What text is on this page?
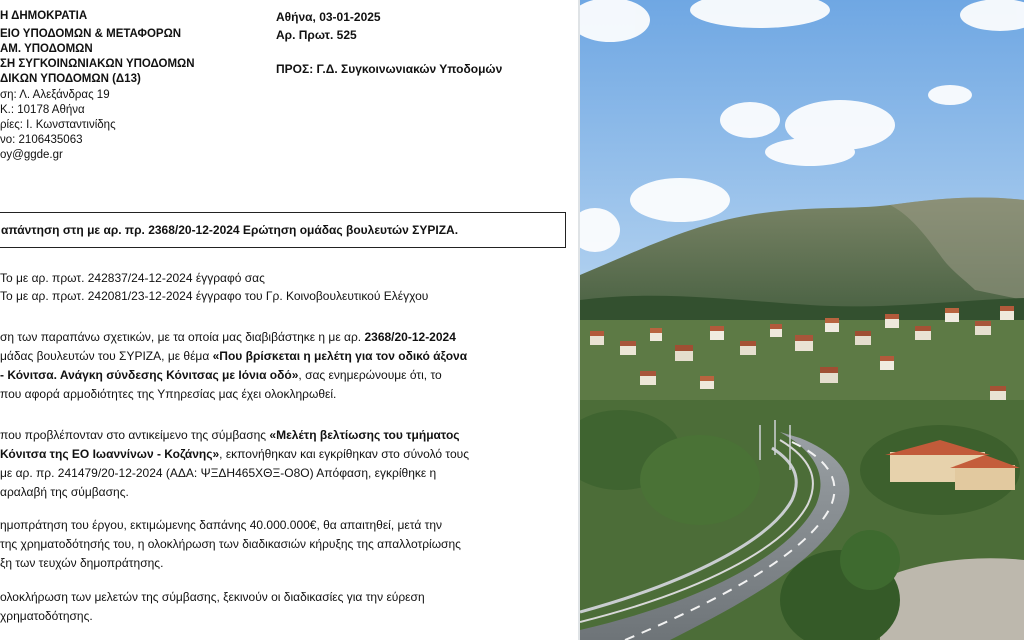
Η ΔΗΜΟΚΡΑΤΙΑ
ΕΙΟ ΥΠΟΔΟΜΩΝ & ΜΕΤΑΦΟΡΩΝ
ΑΜ. ΥΠΟΔΟΜΩΝ
ΣΗ ΣΥΓΚΟΙΝΩΝΙΑΚΩΝ ΥΠΟΔΟΜΩΝ
ΔΙΚΩΝ ΥΠΟΔΟΜΩΝ (Δ13)
ση: Λ. Αλεξάνδρας 19
Κ.: 10178 Αθήνα
ρίες: Ι. Κωνσταντινίδης
νο: 2106435063
oy@ggde.gr
Αθήνα, 03-01-2025
Αρ. Πρωτ. 525
ΠΡΟΣ: Γ.Δ. Συγκοινωνιακών Υποδομών
απάντηση στη με αρ. πρ. 2368/20-12-2024 Ερώτηση ομάδας βουλευτών ΣΥΡΙΖΑ.
Το με αρ. πρωτ. 242837/24-12-2024 έγγραφό σας
Το με αρ. πρωτ. 242081/23-12-2024 έγγραφο του Γρ. Κοινοβουλευτικού Ελέγχου
ση των παραπάνω σχετικών, με τα οποία μας διαβιβάστηκε η με αρ. 2368/20-12-2024
μάδας βουλευτών του ΣΥΡΙΖΑ, με θέμα «Που βρίσκεται η μελέτη για τον οδικό άξονα
- Κόνιτσα. Ανάγκη σύνδεσης Κόνιτσας με Ιόνια οδό», σας ενημερώνουμε ότι, το
που αφορά αρμοδιότητες της Υπηρεσίας μας έχει ολοκληρωθεί.
που προβλέπονταν στο αντικείμενο της σύμβασης «Μελέτη βελτίωσης του τμήματος
Κόνιτσα της ΕΟ Ιωαννίνων - Κοζάνης», εκπονήθηκαν και εγκρίθηκαν στο σύνολό τους
με αρ. πρ. 241479/20-12-2024 (ΑΔΑ: ΨΞΔΗ465ΧΘΞ-Ο8Ο) Απόφαση, εγκρίθηκε η
αραλαβή της σύμβασης.
ημοπράτηση του έργου, εκτιμώμενης δαπάνης 40.000.000€, θα απαιτηθεί, μετά την
της χρηματοδότησής του, η ολοκλήρωση των διαδικασιών κήρυξης της απαλλοτρίωσης
ξη των τευχών δημοπράτησης.
ολοκλήρωση των μελετών της σύμβασης, ξεκινούν οι διαδικασίες για την εύρεση
χρηματοδότησης.
